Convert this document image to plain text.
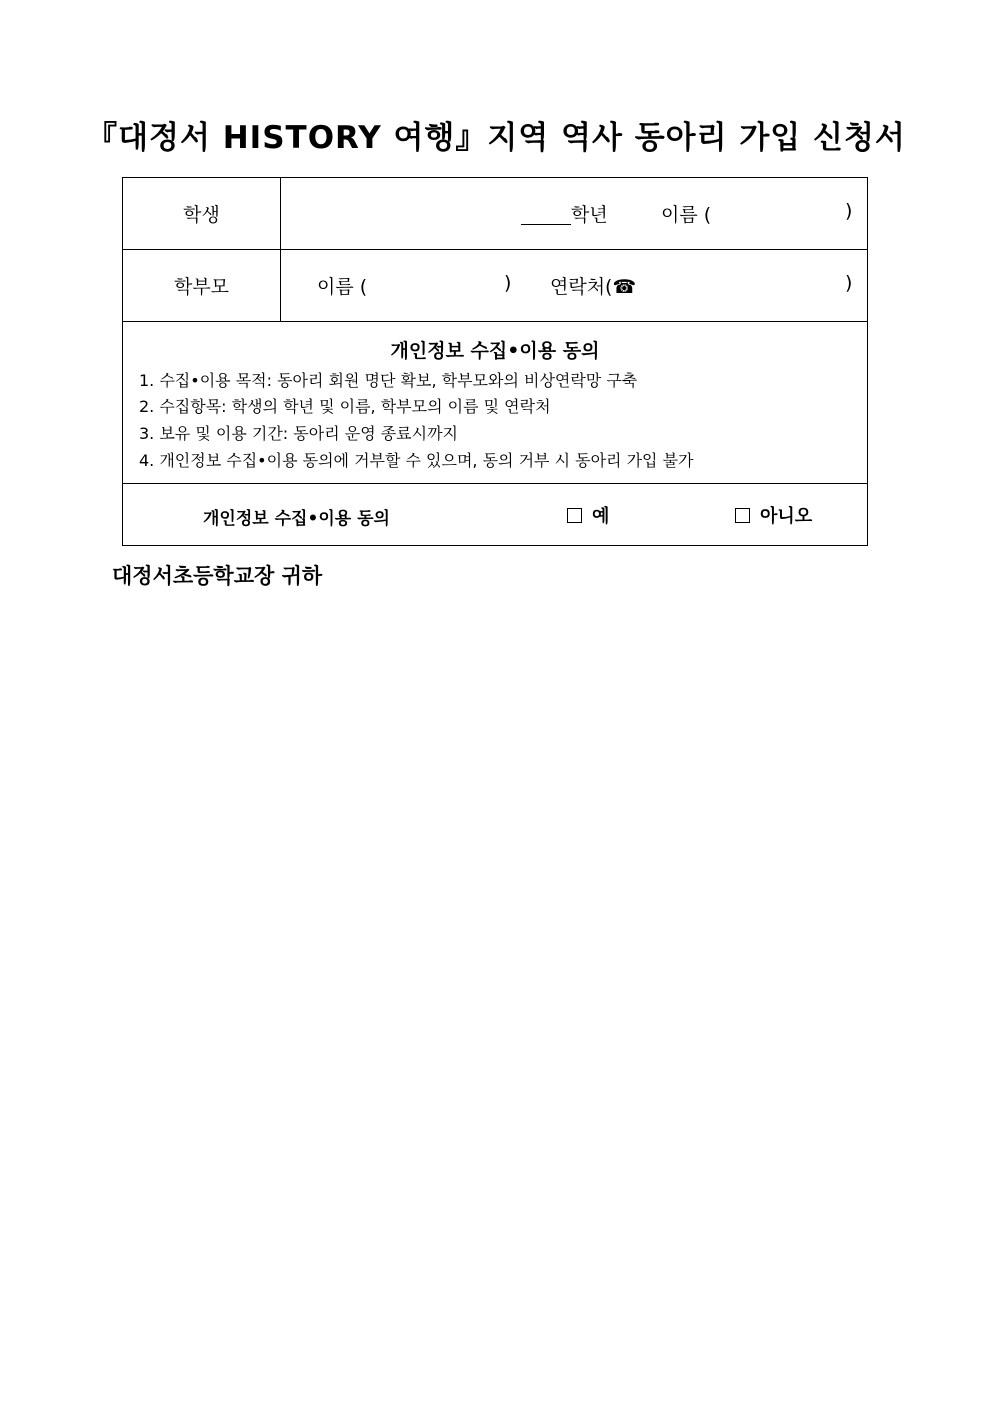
『대정서 HISTORY 여행』지역 역사 동아리 가입 신청서
학생	학년	이름 (	)
학부모	이름 (	) 연락처(☎	)
개인정보 수집•이용 동의
1. 수집•이용 목적: 동아리 회원 명단 확보, 학부모와의 비상연락망 구축
2. 수집항목: 학생의 학년 및 이름, 학부모의 이름 및 연락처
3. 보유 및 이용 기간: 동아리 운영 종료시까지
4. 개인정보 수집•이용 동의에 거부할 수 있으며, 동의 거부 시 동아리 가입 불가
개인정보 수집•이용 동의	예	아니오
대정서초등학교장 귀하
